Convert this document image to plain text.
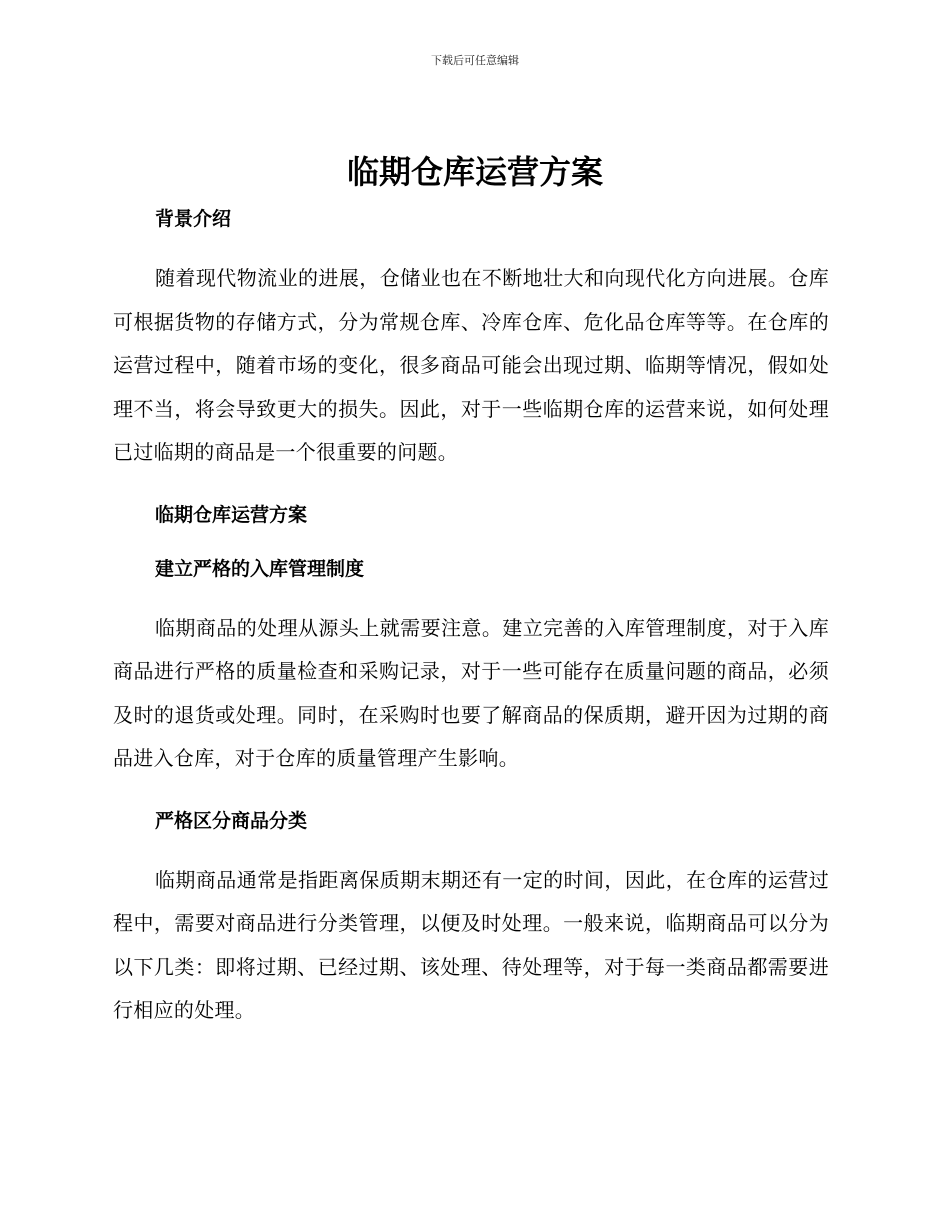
下载后可任意编辑
临期仓库运营方案
背景介绍

随着现代物流业的进展，仓储业也在不断地壮大和向现代化方向进展。仓库可根据货物的存储方式，分为常规仓库、冷库仓库、危化品仓库等等。在仓库的运营过程中，随着市场的变化，很多商品可能会出现过期、临期等情况，假如处理不当，将会导致更大的损失。因此，对于一些临期仓库的运营来说，如何处理已过临期的商品是一个很重要的问题。

临期仓库运营方案
建立严格的入库管理制度

临期商品的处理从源头上就需要注意。建立完善的入库管理制度，对于入库商品进行严格的质量检查和采购记录，对于一些可能存在质量问题的商品，必须及时的退货或处理。同时，在采购时也要了解商品的保质期，避开因为过期的商品进入仓库，对于仓库的质量管理产生影响。

严格区分商品分类

临期商品通常是指距离保质期末期还有一定的时间，因此，在仓库的运营过程中，需要对商品进行分类管理，以便及时处理。一般来说，临期商品可以分为以下几类：即将过期、已经过期、该处理、待处理等，对于每一类商品都需要进行相应的处理。
